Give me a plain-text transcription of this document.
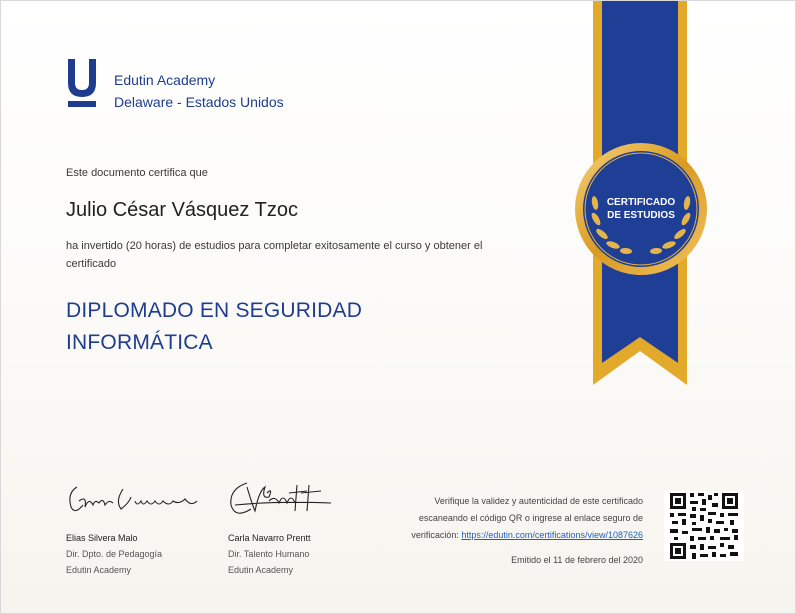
Edutin Academy
Delaware - Estados Unidos
Este documento certifica que
Julio César Vásquez Tzoc
ha invertido (20 horas) de estudios para completar exitosamente el curso y obtener el certificado
DIPLOMADO EN SEGURIDAD
INFORMÁTICA
CERTIFICADO
DE ESTUDIOS
Elias Silvera Malo
Dir. Dpto. de Pedagogía
Edutin Academy
Carla Navarro Prentt
Dir. Talento Humano
Edutin Academy
Verifique la validez y autenticidad de este certificado
escaneando el código QR o ingrese al enlace seguro de
verificación: https://edutin.com/certifications/view/1087626
Emitido el 11 de febrero del 2020
